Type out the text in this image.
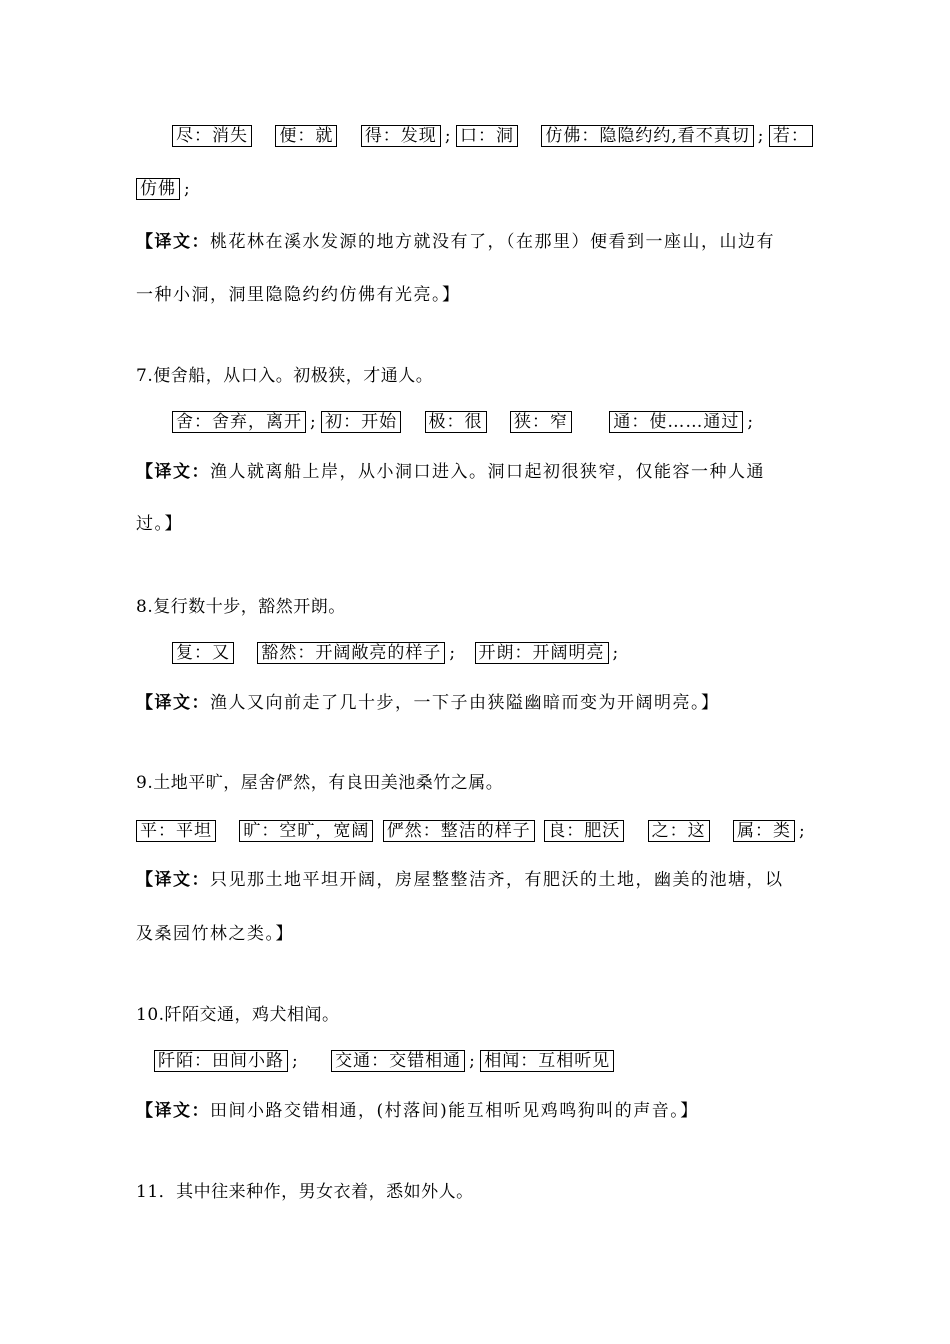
尽：消失 便：就 得：发现 ; 口：洞 仿佛：隐隐约约,看不真切 ; 若：
仿佛 ;
【译文：桃花林在溪水发源的地方就没有了，（在那里）便看到一座山，山边有
一种小洞，洞里隐隐约约仿佛有光亮。】
7.便舍船，从口入。初极狭，才通人。
舍：舍弃，离开 ; 初：开始 极：很 狭：窄	通：使……通过 ;
【译文：渔人就离船上岸，从小洞口进入。洞口起初很狭窄，仅能容一种人通
过。】
8.复行数十步，豁然开朗。
复：又 豁然：开阔敞亮的样子 ; 开朗：开阔明亮 ;
【译文：渔人又向前走了几十步，一下子由狭隘幽暗而变为开阔明亮。】
9.土地平旷，屋舍俨然，有良田美池桑竹之属。
平：平坦 旷：空旷，宽阔 俨然：整洁的样子 良：肥沃 之：这 属：类 ;
【译文：只见那土地平坦开阔，房屋整整洁齐，有肥沃的土地，幽美的池塘，以
及桑园竹林之类。】
10.阡陌交通，鸡犬相闻。
阡陌：田间小路 ; 交通：交错相通 ; 相闻：互相听见
【译文：田间小路交错相通，(村落间)能互相听见鸡鸣狗叫的声音。】
11．其中往来种作，男女衣着，悉如外人。
